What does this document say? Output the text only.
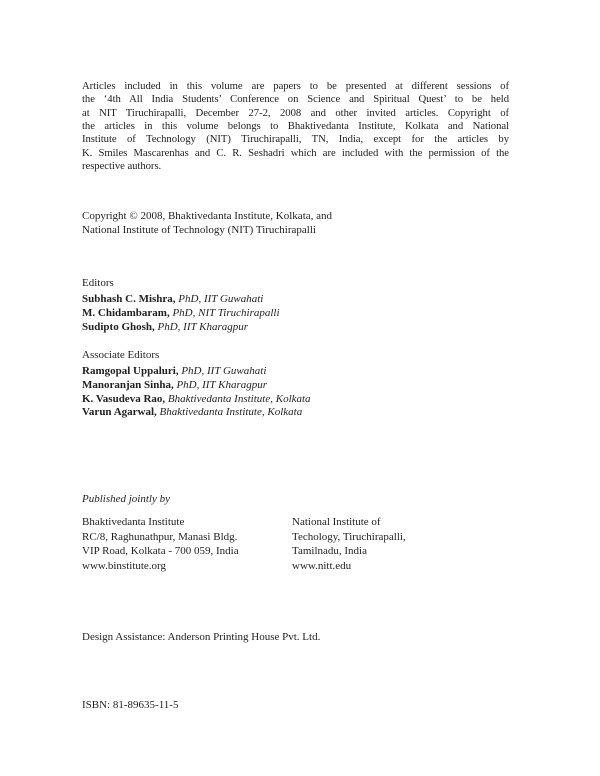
Articles included in this volume are papers to be presented at different sessions of
the ‘4th All India Students’ Conference on Science and Spiritual Quest’ to be held
at NIT Tiruchirapalli, December 27-2, 2008 and other invited articles. Copyright of
the articles in this volume belongs to Bhaktivedanta Institute, Kolkata and National
Institute of Technology (NIT) Tiruchirapalli, TN, India, except for the articles by
K. Smiles Mascarenhas and C. R. Seshadri which are included with the permission of the
respective authors.
Copyright © 2008, Bhaktivedanta Institute, Kolkata, and
National Institute of Technology (NIT) Tiruchirapalli
Editors
Subhash C. Mishra, PhD, IIT Guwahati
M. Chidambaram, PhD, NIT Tiruchirapalli
Sudipto Ghosh, PhD, IIT Kharagpur
Associate Editors
Ramgopal Uppaluri, PhD, IIT Guwahati
Manoranjan Sinha, PhD, IIT Kharagpur
K. Vasudeva Rao, Bhaktivedanta Institute, Kolkata
Varun Agarwal, Bhaktivedanta Institute, Kolkata
Published jointly by
Bhaktivedanta Institute
RC/8, Raghunathpur, Manasi Bldg.
VIP Road, Kolkata - 700 059, India
www.binstitute.org
National Institute of
Techology, Tiruchirapalli,
Tamilnadu, India
www.nitt.edu
Design Assistance: Anderson Printing House Pvt. Ltd.
ISBN: 81-89635-11-5
